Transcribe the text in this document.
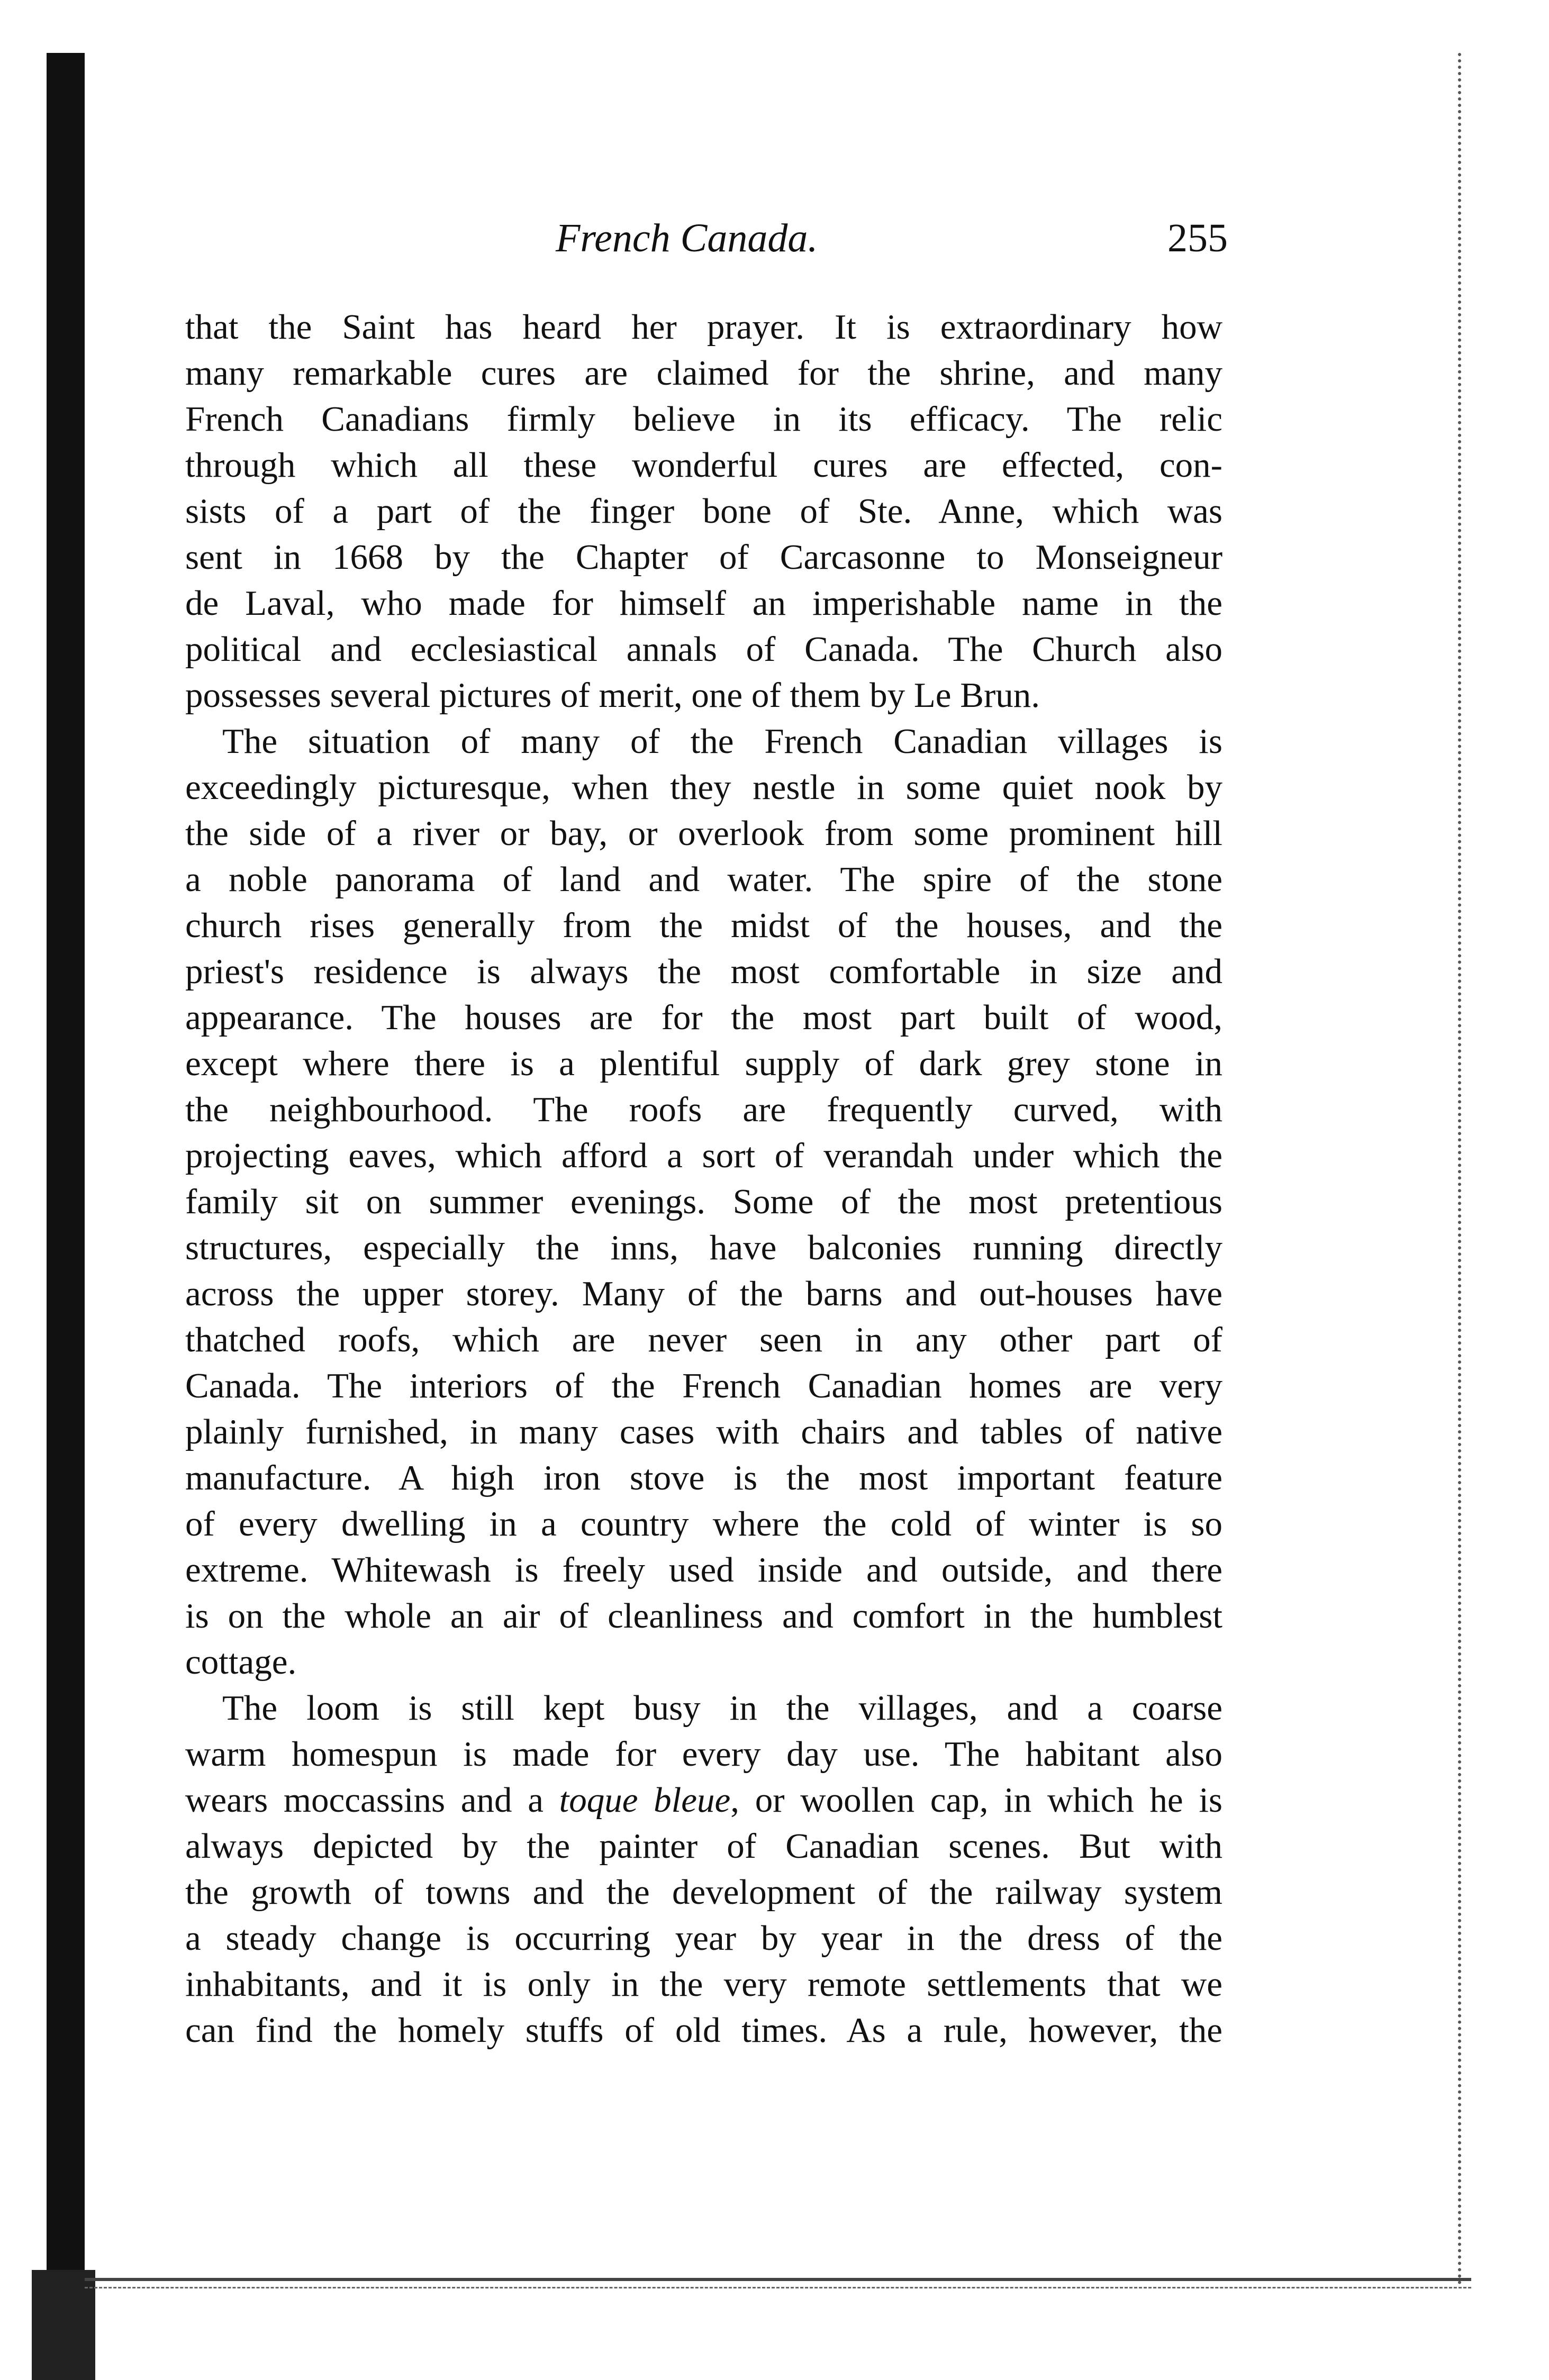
French Canada.	255
that the Saint has heard her prayer. It is extraordinary how
many remarkable cures are claimed for the shrine, and many
French Canadians firmly believe in its efficacy. The relic
through which all these wonderful cures are effected, con-
sists of a part of the finger bone of Ste. Anne, which was
sent in 1668 by the Chapter of Carcasonne to Monseigneur
de Laval, who made for himself an imperishable name in the
political and ecclesiastical annals of Canada. The Church also
possesses several pictures of merit, one of them by Le Brun.
The situation of many of the French Canadian villages is
exceedingly picturesque, when they nestle in some quiet nook by
the side of a river or bay, or overlook from some prominent hill
a noble panorama of land and water. The spire of the stone
church rises generally from the midst of the houses, and the
priest's residence is always the most comfortable in size and
appearance. The houses are for the most part built of wood,
except where there is a plentiful supply of dark grey stone in
the neighbourhood. The roofs are frequently curved, with
projecting eaves, which afford a sort of verandah under which the
family sit on summer evenings. Some of the most pretentious
structures, especially the inns, have balconies running directly
across the upper storey. Many of the barns and out-houses have
thatched roofs, which are never seen in any other part of
Canada. The interiors of the French Canadian homes are very
plainly furnished, in many cases with chairs and tables of native
manufacture. A high iron stove is the most important feature
of every dwelling in a country where the cold of winter is so
extreme. Whitewash is freely used inside and outside, and there
is on the whole an air of cleanliness and comfort in the humblest
cottage.
The loom is still kept busy in the villages, and a coarse
warm homespun is made for every day use. The habitant also
wears moccassins and a toque bleue, or woollen cap, in which he is
always depicted by the painter of Canadian scenes. But with
the growth of towns and the development of the railway system
a steady change is occurring year by year in the dress of the
inhabitants, and it is only in the very remote settlements that we
can find the homely stuffs of old times. As a rule, however, the
